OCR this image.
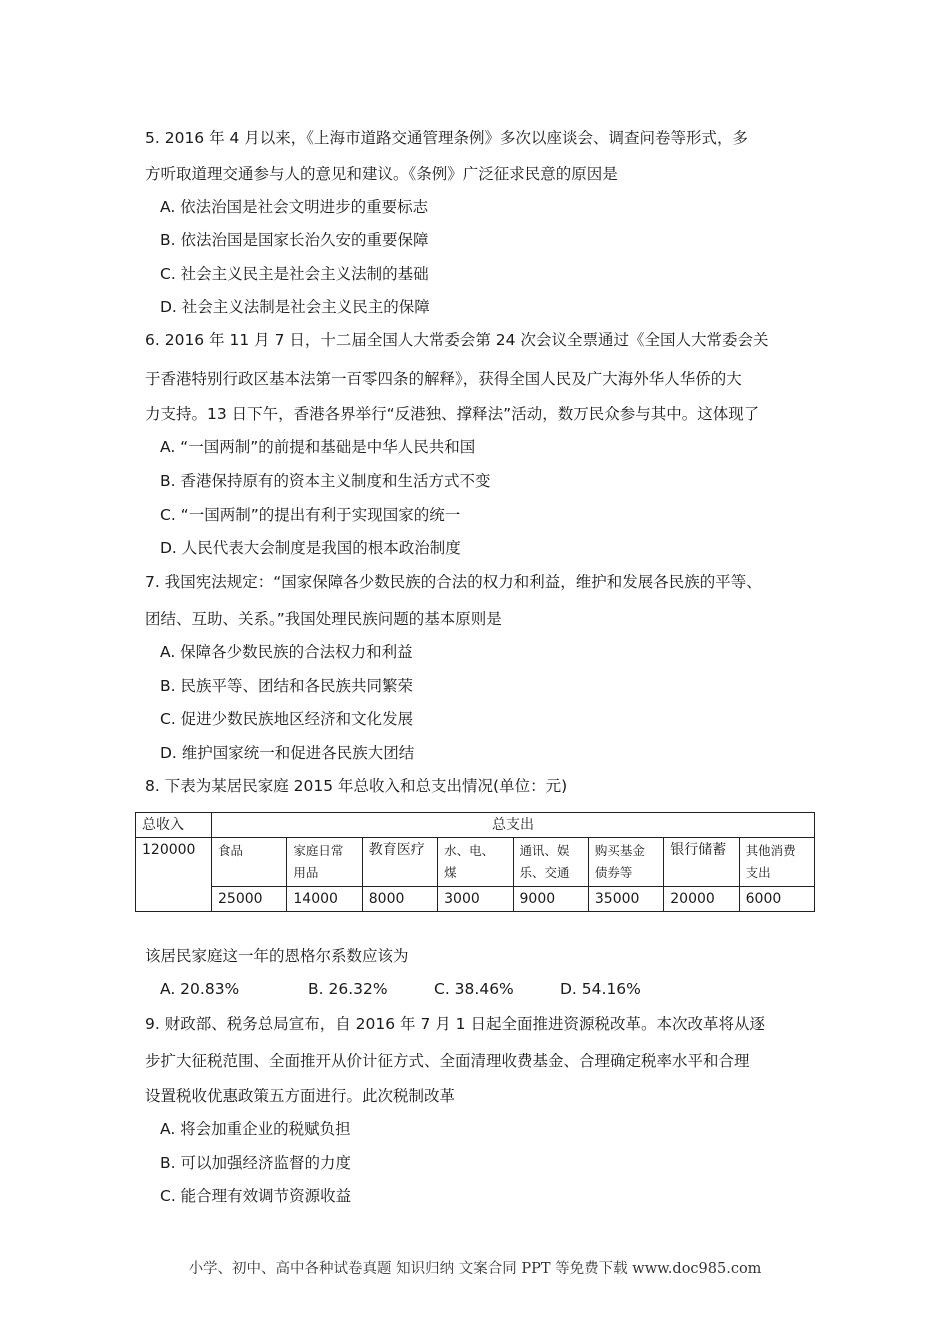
5. 2016 年 4 月以来，《上海市道路交通管理条例》多次以座谈会、调查问卷等形式，多
方听取道理交通参与人的意见和建议。《条例》广泛征求民意的原因是
A. 依法治国是社会文明进步的重要标志
B. 依法治国是国家长治久安的重要保障
C. 社会主义民主是社会主义法制的基础
D. 社会主义法制是社会主义民主的保障
6. 2016 年 11 月 7 日，十二届全国人大常委会第 24 次会议全票通过《全国人大常委会关
于香港特别行政区基本法第一百零四条的解释》，获得全国人民及广大海外华人华侨的大
力支持。13 日下午，香港各界举行“反港独、撑释法”活动，数万民众参与其中。这体现了
A. “一国两制”的前提和基础是中华人民共和国
B. 香港保持原有的资本主义制度和生活方式不变
C. “一国两制”的提出有利于实现国家的统一
D. 人民代表大会制度是我国的根本政治制度
7. 我国宪法规定：“国家保障各少数民族的合法的权力和利益，维护和发展各民族的平等、
团结、互助、关系。”我国处理民族问题的基本原则是
A. 保障各少数民族的合法权力和利益
B. 民族平等、团结和各民族共同繁荣
C. 促进少数民族地区经济和文化发展
D. 维护国家统一和促进各民族大团结
8. 下表为某居民家庭 2015 年总收入和总支出情况(单位：元)
总收入	总支出							
120000	食品	家庭日常用品	教育医疗	水、电、煤	通讯、娱乐、交通	购买基金债券等	银行储蓄	其他消费支出
	25000	14000	8000	3000	9000	35000	20000	6000
该居民家庭这一年的恩格尔系数应该为
A. 20.83%	B. 26.32%	C. 38.46%	D. 54.16%
9. 财政部、税务总局宣布，自 2016 年 7 月 1 日起全面推进资源税改革。本次改革将从逐
步扩大征税范围、全面推开从价计征方式、全面清理收费基金、合理确定税率水平和合理
设置税收优惠政策五方面进行。此次税制改革
A. 将会加重企业的税赋负担
B. 可以加强经济监督的力度
C. 能合理有效调节资源收益
小学、初中、高中各种试卷真题 知识归纳 文案合同 PPT 等免费下载 www.doc985.com
